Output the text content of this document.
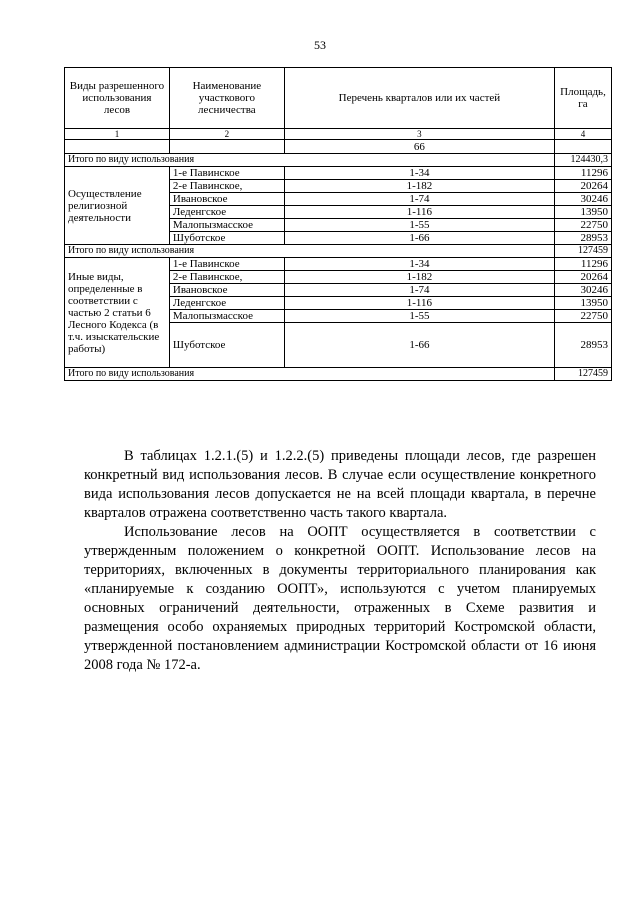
53
Виды разрешенного использования лесов	Наименование участкового лесничества	Перечень кварталов или их частей	Площадь, га
1	2	3	4
		66	
Итого по виду использования			124430,3
Осуществление религиозной деятельности	1-е Павинское	1-34	11296
	2-е Павинское,	1-182	20264
	Ивановское	1-74	30246
	Леденгское	1-116	13950
	Малопызмасское	1-55	22750
	Шуботское	1-66	28953
Итого по виду использования			127459
Иные виды, определенные в соответствии с частью 2 статьи 6 Лесного Кодекса (в т.ч. изыскательские работы)	1-е Павинское	1-34	11296
	2-е Павинское,	1-182	20264
	Ивановское	1-74	30246
	Леденгское	1-116	13950
	Малопызмасское	1-55	22750
	Шуботское	1-66	28953
Итого по виду использования			127459

В таблицах 1.2.1.(5) и 1.2.2.(5) приведены площади лесов, где разрешен конкретный вид использования лесов. В случае если осуществление конкретного вида использования лесов допускается не на всей площади квартала, в перечне кварталов отражена соответственно часть такого квартала.

Использование лесов на ООПТ осуществляется в соответствии с утвержденным положением о конкретной ООПТ. Использование лесов на территориях, включенных в документы территориального планирования как «планируемые к созданию ООПТ», используются с учетом планируемых основных ограничений деятельности, отраженных в Схеме развития и размещения особо охраняемых природных территорий Костромской области, утвержденной постановлением администрации Костромской области от 16 июня 2008 года № 172-а.
